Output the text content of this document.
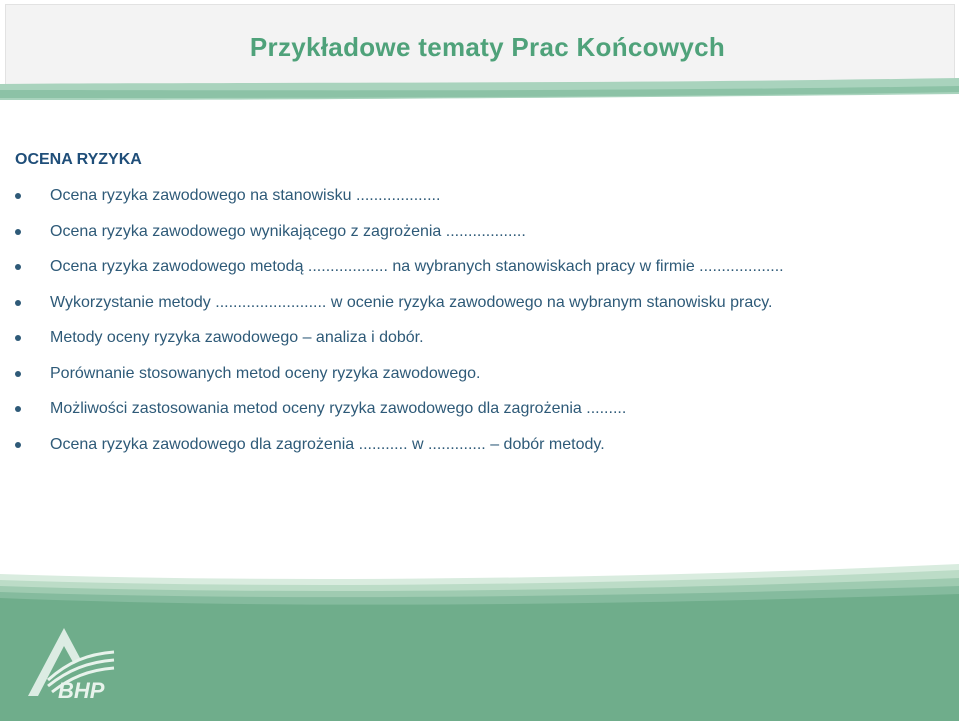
Przykładowe tematy Prac Końcowych
OCENA RYZYKA
Ocena ryzyka zawodowego na stanowisku ...................
Ocena ryzyka zawodowego wynikającego z zagrożenia ..................
Ocena ryzyka zawodowego metodą .................. na wybranych stanowiskach pracy w firmie ...................
Wykorzystanie metody ......................... w ocenie ryzyka zawodowego na wybranym stanowisku pracy.
Metody oceny ryzyka zawodowego – analiza i dobór.
Porównanie stosowanych metod oceny ryzyka zawodowego.
Możliwości zastosowania metod oceny ryzyka zawodowego dla zagrożenia .........
Ocena ryzyka zawodowego dla zagrożenia ........... w ............. – dobór metody.
BHP
